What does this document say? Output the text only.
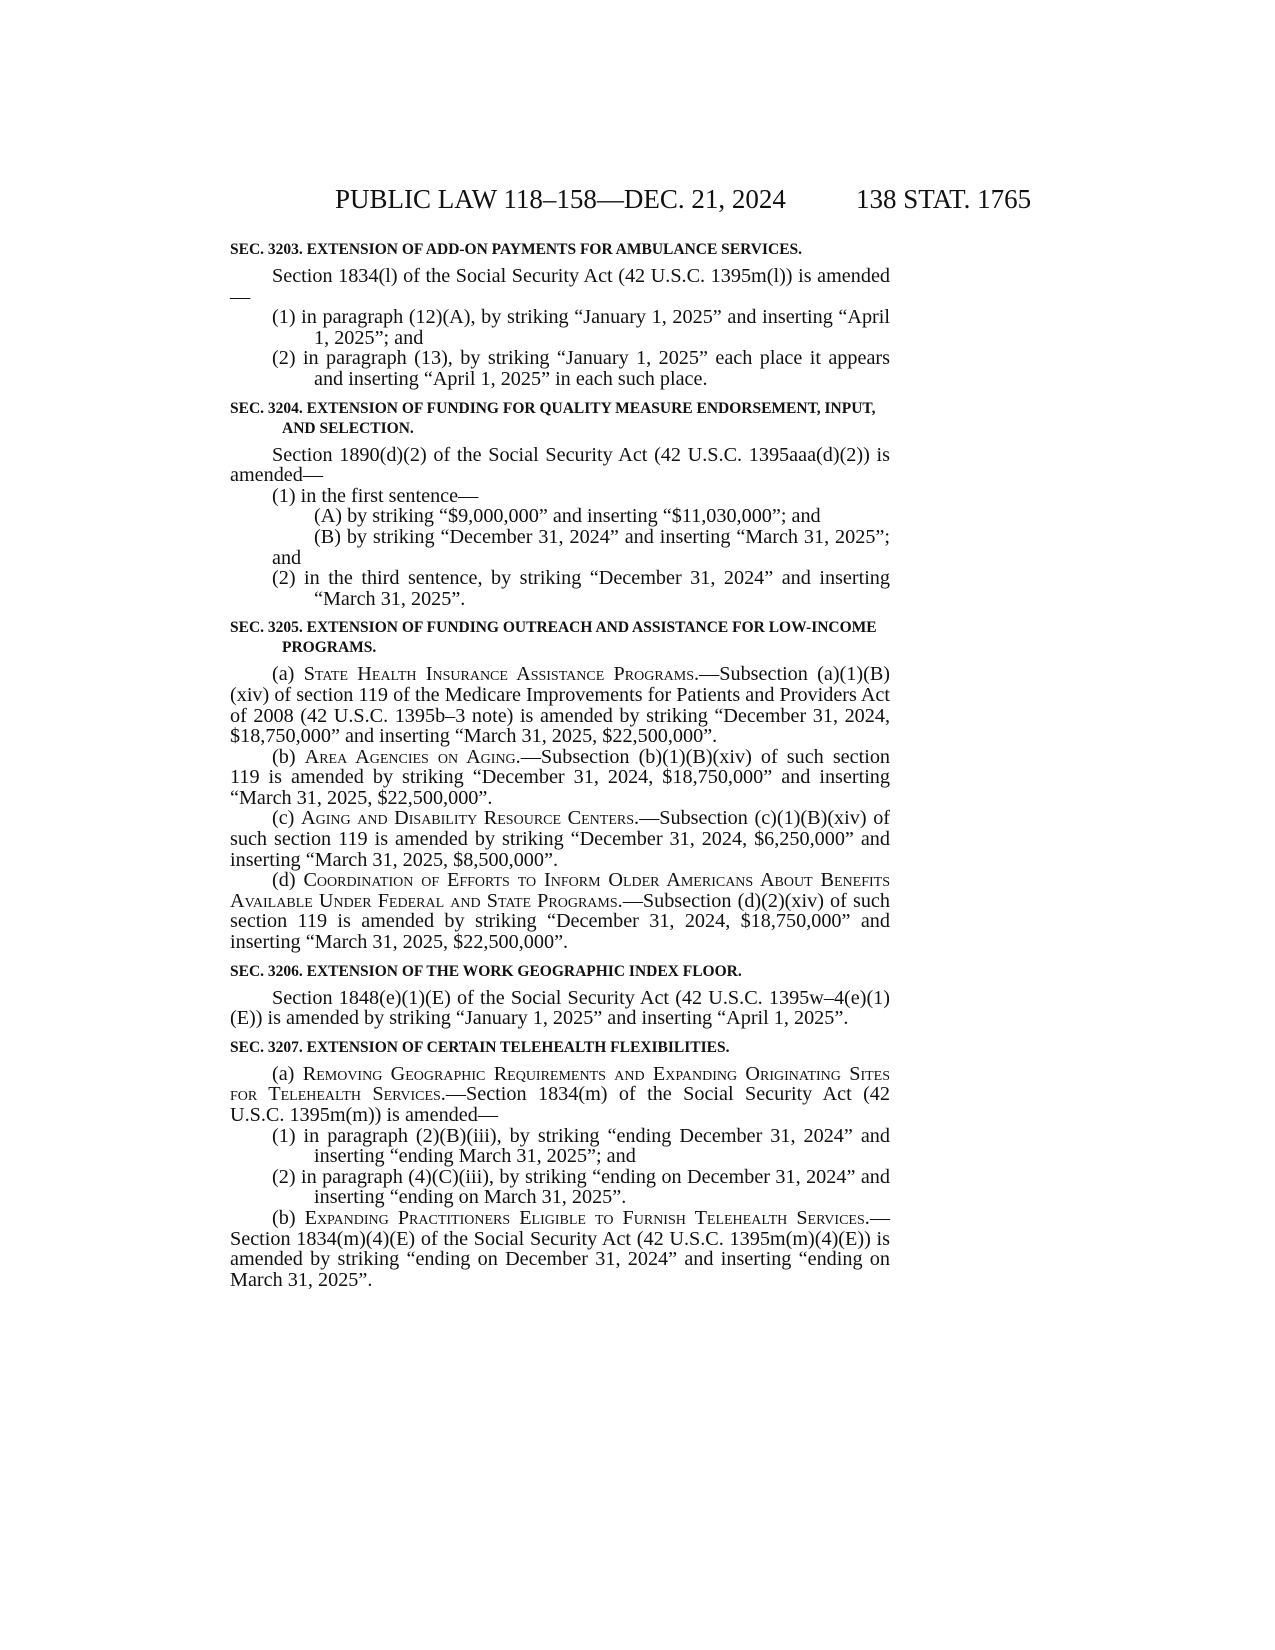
PUBLIC LAW 118–158—DEC. 21, 2024	138 STAT. 1765
SEC. 3203. EXTENSION OF ADD-ON PAYMENTS FOR AMBULANCE SERVICES.

Section 1834(l) of the Social Security Act (42 U.S.C. 1395m(l)) is amended—

(1) in paragraph (12)(A), by striking “January 1, 2025” and inserting “April 1, 2025”; and

(2) in paragraph (13), by striking “January 1, 2025” each place it appears and inserting “April 1, 2025” in each such place.

SEC. 3204. EXTENSION OF FUNDING FOR QUALITY MEASURE ENDORSEMENT, INPUT, AND SELECTION.

Section 1890(d)(2) of the Social Security Act (42 U.S.C. 1395aaa(d)(2)) is amended—

(1) in the first sentence—

(A) by striking “$9,000,000” and inserting “$11,030,000”; and

(B) by striking “December 31, 2024” and inserting “March 31, 2025”; and

(2) in the third sentence, by striking “December 31, 2024” and inserting “March 31, 2025”.

SEC. 3205. EXTENSION OF FUNDING OUTREACH AND ASSISTANCE FOR LOW-INCOME PROGRAMS.

(a) State Health Insurance Assistance Programs.—Subsection (a)(1)(B)(xiv) of section 119 of the Medicare Improvements for Patients and Providers Act of 2008 (42 U.S.C. 1395b–3 note) is amended by striking “December 31, 2024, $18,750,000” and inserting “March 31, 2025, $22,500,000”.

(b) Area Agencies on Aging.—Subsection (b)(1)(B)(xiv) of such section 119 is amended by striking “December 31, 2024, $18,750,000” and inserting “March 31, 2025, $22,500,000”.

(c) Aging and Disability Resource Centers.—Subsection (c)(1)(B)(xiv) of such section 119 is amended by striking “December 31, 2024, $6,250,000” and inserting “March 31, 2025, $8,500,000”.

(d) Coordination of Efforts to Inform Older Americans About Benefits Available Under Federal and State Programs.—Subsection (d)(2)(xiv) of such section 119 is amended by striking “December 31, 2024, $18,750,000” and inserting “March 31, 2025, $22,500,000”.

SEC. 3206. EXTENSION OF THE WORK GEOGRAPHIC INDEX FLOOR.

Section 1848(e)(1)(E) of the Social Security Act (42 U.S.C. 1395w–4(e)(1)(E)) is amended by striking “January 1, 2025” and inserting “April 1, 2025”.

SEC. 3207. EXTENSION OF CERTAIN TELEHEALTH FLEXIBILITIES.

(a) Removing Geographic Requirements and Expanding Originating Sites for Telehealth Services.—Section 1834(m) of the Social Security Act (42 U.S.C. 1395m(m)) is amended—

(1) in paragraph (2)(B)(iii), by striking “ending December 31, 2024” and inserting “ending March 31, 2025”; and

(2) in paragraph (4)(C)(iii), by striking “ending on December 31, 2024” and inserting “ending on March 31, 2025”.

(b) Expanding Practitioners Eligible to Furnish Telehealth Services.—Section 1834(m)(4)(E) of the Social Security Act (42 U.S.C. 1395m(m)(4)(E)) is amended by striking “ending on December 31, 2024” and inserting “ending on March 31, 2025”.
